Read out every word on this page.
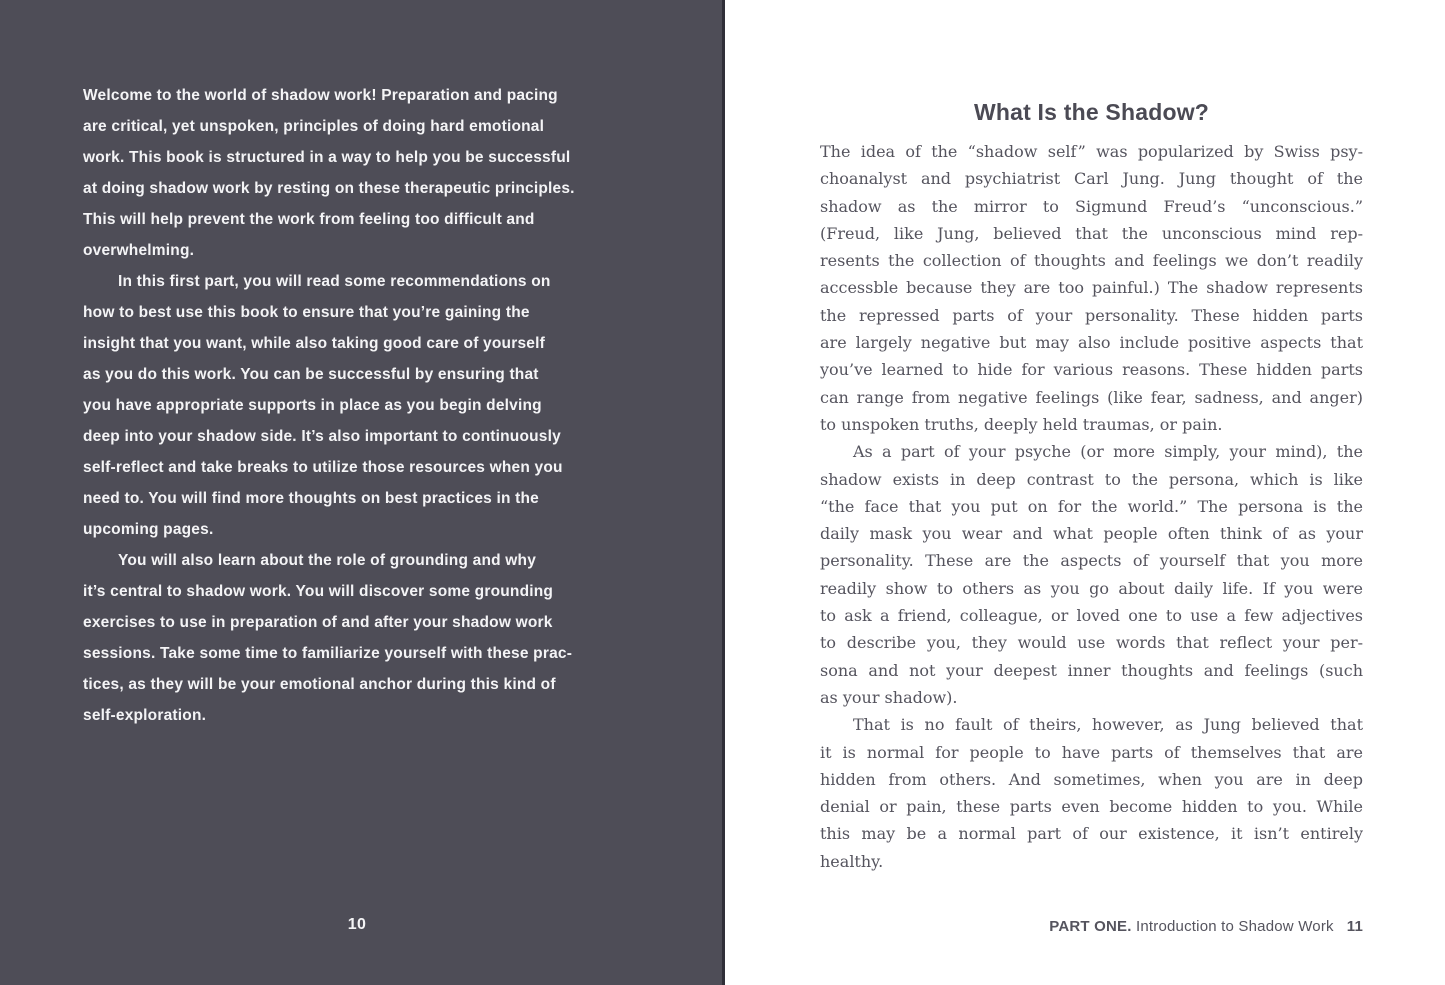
Welcome to the world of shadow work! Preparation and pacing
are critical, yet unspoken, principles of doing hard emotional
work. This book is structured in a way to help you be successful
at doing shadow work by resting on these therapeutic principles.
This will help prevent the work from feeling too difficult and
overwhelming.

In this first part, you will read some recommendations on
how to best use this book to ensure that you’re gaining the
insight that you want, while also taking good care of yourself
as you do this work. You can be successful by ensuring that
you have appropriate supports in place as you begin delving
deep into your shadow side. It’s also important to continuously
self-reflect and take breaks to utilize those resources when you
need to. You will find more thoughts on best practices in the
upcoming pages.

You will also learn about the role of grounding and why
it’s central to shadow work. You will discover some grounding
exercises to use in preparation of and after your shadow work
sessions. Take some time to familiarize yourself with these prac-
tices, as they will be your emotional anchor during this kind of
self-exploration.

10
What Is the Shadow?

The idea of the “shadow self” was popularized by Swiss psy-
choanalyst and psychiatrist Carl Jung. Jung thought of the
shadow as the mirror to Sigmund Freud’s “unconscious.”
(Freud, like Jung, believed that the unconscious mind rep-
resents the collection of thoughts and feelings we don’t readily
accessble because they are too painful.) The shadow represents
the repressed parts of your personality. These hidden parts
are largely negative but may also include positive aspects that
you’ve learned to hide for various reasons. These hidden parts
can range from negative feelings (like fear, sadness, and anger)
to unspoken truths, deeply held traumas, or pain.

As a part of your psyche (or more simply, your mind), the
shadow exists in deep contrast to the persona, which is like
“the face that you put on for the world.” The persona is the
daily mask you wear and what people often think of as your
personality. These are the aspects of yourself that you more
readily show to others as you go about daily life. If you were
to ask a friend, colleague, or loved one to use a few adjectives
to describe you, they would use words that reflect your per-
sona and not your deepest inner thoughts and feelings (such
as your shadow).

That is no fault of theirs, however, as Jung believed that
it is normal for people to have parts of themselves that are
hidden from others. And sometimes, when you are in deep
denial or pain, these parts even become hidden to you. While
this may be a normal part of our existence, it isn’t entirely
healthy.

PART ONE. Introduction to Shadow Work 11
